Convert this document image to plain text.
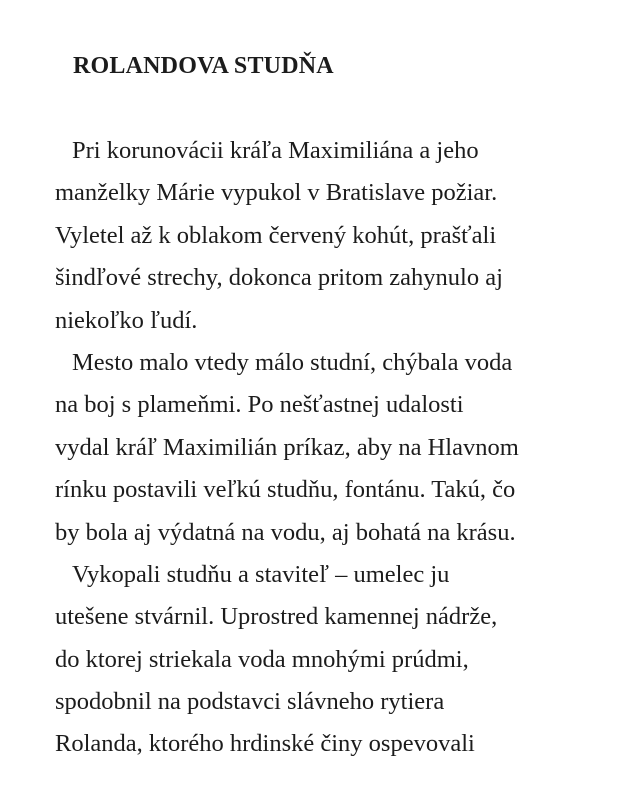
ROLANDOVA STUDŇA

Pri korunovácii kráľa Maximiliána a jeho
manželky Márie vypukol v Bratislave požiar.
Vyletel až k oblakom červený kohút, prašťali
šindľové strechy, dokonca pritom zahynulo aj
niekoľko ľudí.

Mesto malo vtedy málo studní, chýbala voda
na boj s plameňmi. Po nešťastnej udalosti
vydal kráľ Maximilián príkaz, aby na Hlavnom
rínku postavili veľkú studňu, fontánu. Takú, čo
by bola aj výdatná na vodu, aj bohatá na krásu.

Vykopali studňu a staviteľ – umelec ju
utešene stvárnil. Uprostred kamennej nádrže,
do ktorej striekala voda mnohými prúdmi,
spodobnil na podstavci slávneho rytiera
Rolanda, ktorého hrdinské činy ospevovali
